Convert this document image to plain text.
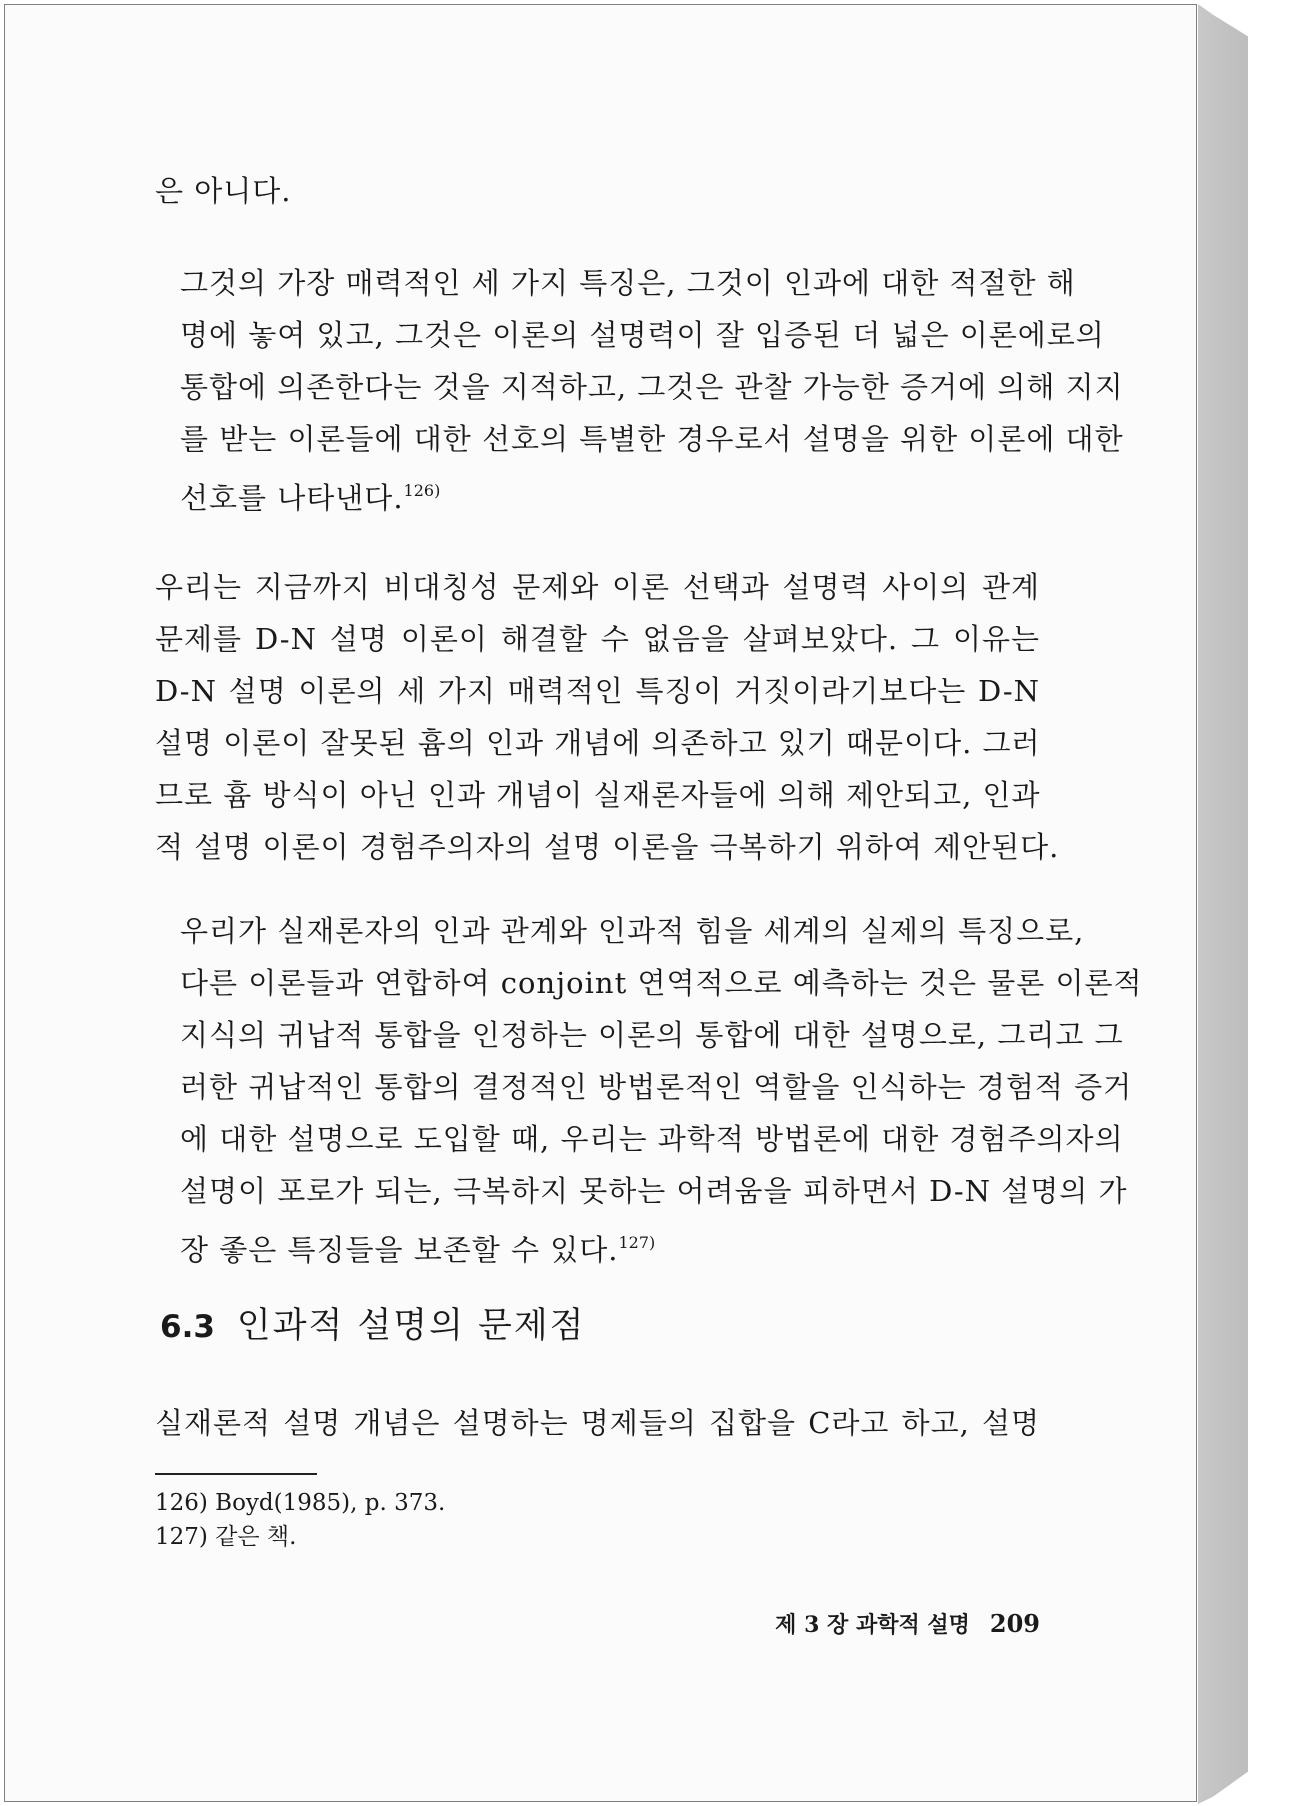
은 아니다.
그것의 가장 매력적인 세 가지 특징은, 그것이 인과에 대한 적절한 해
명에 놓여 있고, 그것은 이론의 설명력이 잘 입증된 더 넓은 이론에로의
통합에 의존한다는 것을 지적하고, 그것은 관찰 가능한 증거에 의해 지지
를 받는 이론들에 대한 선호의 특별한 경우로서 설명을 위한 이론에 대한
선호를 나타낸다.$^{126)}$
우리는 지금까지 비대칭성 문제와 이론 선택과 설명력 사이의 관계
문제를 D-N 설명 이론이 해결할 수 없음을 살펴보았다. 그 이유는
D-N 설명 이론의 세 가지 매력적인 특징이 거짓이라기보다는 D-N
설명 이론이 잘못된 흄의 인과 개념에 의존하고 있기 때문이다. 그러
므로 흄 방식이 아닌 인과 개념이 실재론자들에 의해 제안되고, 인과
적 설명 이론이 경험주의자의 설명 이론을 극복하기 위하여 제안된다.
우리가 실재론자의 인과 관계와 인과적 힘을 세계의 실제의 특징으로,
다른 이론들과 연합하여 conjoint 연역적으로 예측하는 것은 물론 이론적
지식의 귀납적 통합을 인정하는 이론의 통합에 대한 설명으로, 그리고 그
러한 귀납적인 통합의 결정적인 방법론적인 역할을 인식하는 경험적 증거
에 대한 설명으로 도입할 때, 우리는 과학적 방법론에 대한 경험주의자의
설명이 포로가 되는, 극복하지 못하는 어려움을 피하면서 D-N 설명의 가
장 좋은 특징들을 보존할 수 있다.$^{127)}$
6.3 인과적 설명의 문제점
실재론적 설명 개념은 설명하는 명제들의 집합을 C라고 하고, 설명
126) Boyd(1985), p. 373.
127) 같은 책.
제 3 장 과학적 설명 209
